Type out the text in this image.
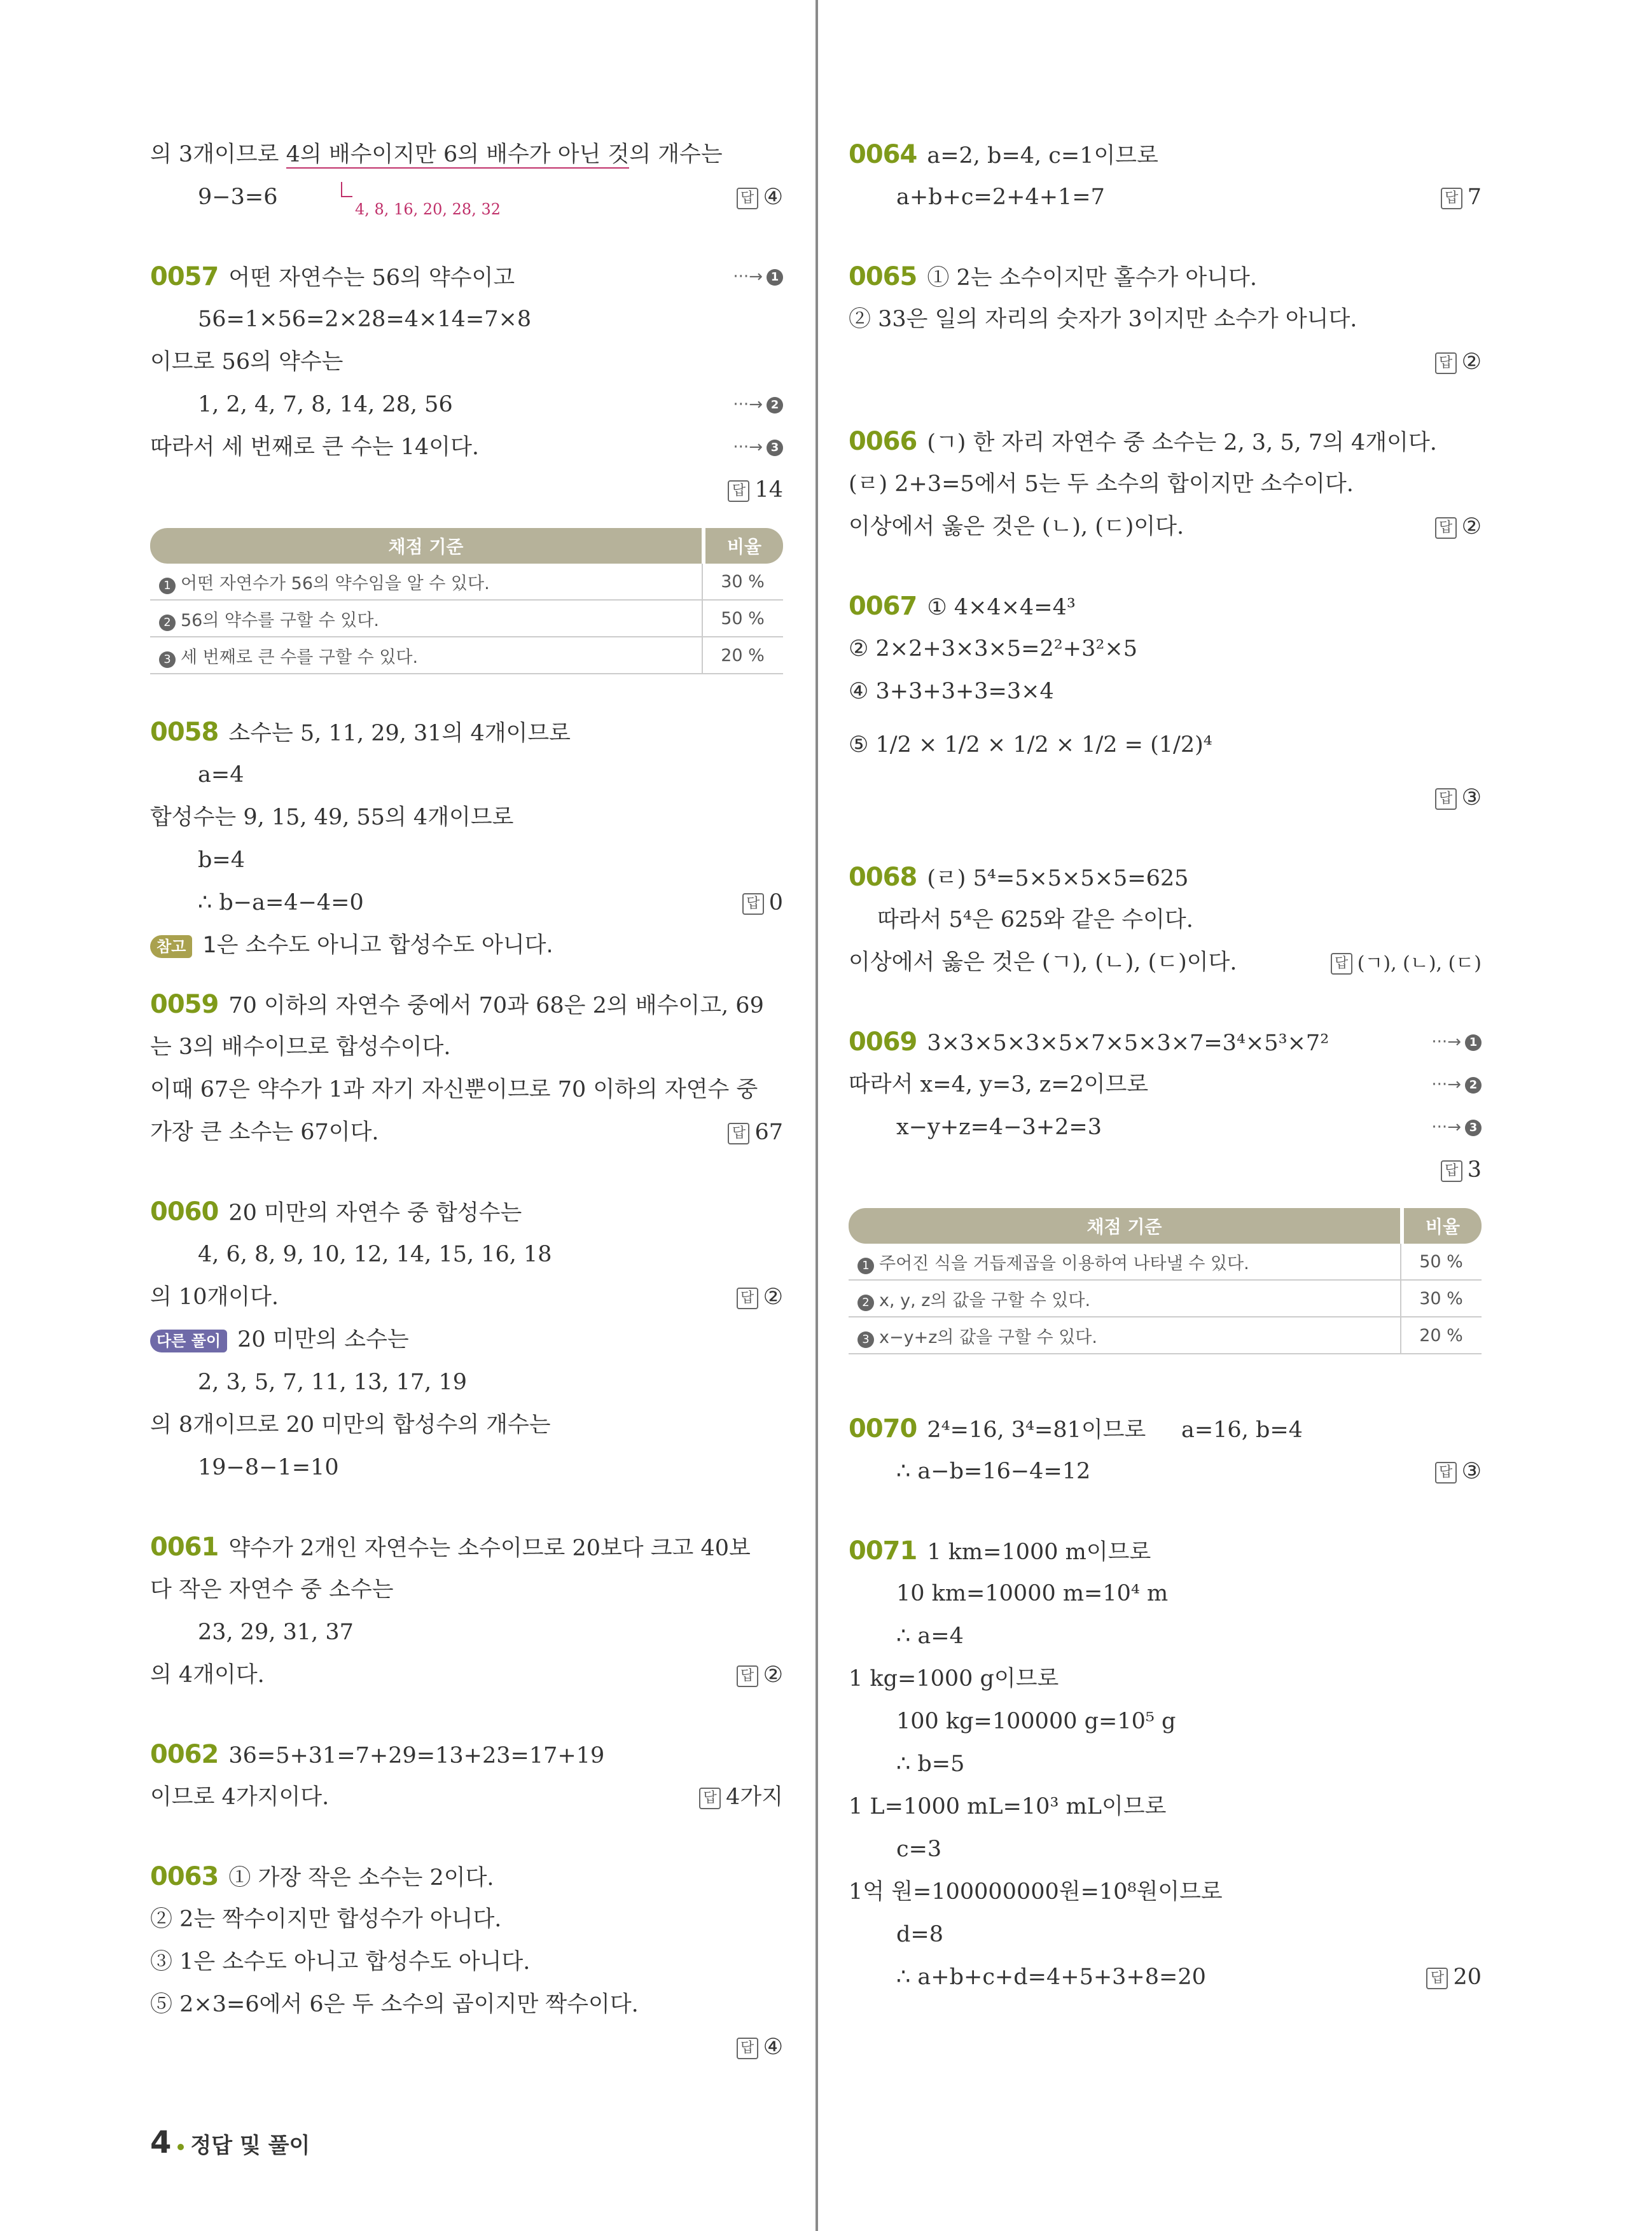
의 3개이므로 4의 배수이지만 6의 배수가 아닌 것의 개수는
4, 8, 16, 20, 28, 32
9−3=6	답 ④
0057 어떤 자연수는 56의 약수이고	···→ 1
56=1×56=2×28=4×14=7×8
이므로 56의 약수는
1, 2, 4, 7, 8, 14, 28, 56	···→ 2
따라서 세 번째로 큰 수는 14이다.	···→ 3
답 14
채점 기준	비율
1 어떤 자연수가 56의 약수임을 알 수 있다.	30 %
2 56의 약수를 구할 수 있다.	50 %
3 세 번째로 큰 수를 구할 수 있다.	20 %
0058 소수는 5, 11, 29, 31의 4개이므로
a=4
합성수는 9, 15, 49, 55의 4개이므로
b=4
∴ b−a=4−4=0	답 0
참고 1은 소수도 아니고 합성수도 아니다.
0059 70 이하의 자연수 중에서 70과 68은 2의 배수이고, 69
는 3의 배수이므로 합성수이다.
이때 67은 약수가 1과 자기 자신뿐이므로 70 이하의 자연수 중
가장 큰 소수는 67이다.	답 67
0060 20 미만의 자연수 중 합성수는
4, 6, 8, 9, 10, 12, 14, 15, 16, 18
의 10개이다.	답 ②
다른 풀이 20 미만의 소수는
2, 3, 5, 7, 11, 13, 17, 19
의 8개이므로 20 미만의 합성수의 개수는
19−8−1=10
0061 약수가 2개인 자연수는 소수이므로 20보다 크고 40보
다 작은 자연수 중 소수는
23, 29, 31, 37
의 4개이다.	답 ②
0062 36=5+31=7+29=13+23=17+19
이므로 4가지이다.	답 4가지
0063 ① 가장 작은 소수는 2이다.
② 2는 짝수이지만 합성수가 아니다.
③ 1은 소수도 아니고 합성수도 아니다.
⑤ 2×3=6에서 6은 두 소수의 곱이지만 짝수이다.
답 ④
0064 a=2, b=4, c=1이므로
a+b+c=2+4+1=7	답 7
0065 ① 2는 소수이지만 홀수가 아니다.
② 33은 일의 자리의 숫자가 3이지만 소수가 아니다.
답 ②
0066 (ㄱ) 한 자리 자연수 중 소수는 2, 3, 5, 7의 4개이다.
(ㄹ) 2+3=5에서 5는 두 소수의 합이지만 소수이다.
이상에서 옳은 것은 (ㄴ), (ㄷ)이다.	답 ②
0067 ① 4×4×4=4³
② 2×2+3×3×5=2²+3²×5
④ 3+3+3+3=3×4
⑤ 1/2 × 1/2 × 1/2 × 1/2 = (1/2)⁴
답 ③
0068 (ㄹ) 5⁴=5×5×5×5=625
따라서 5⁴은 625와 같은 수이다.
이상에서 옳은 것은 (ㄱ), (ㄴ), (ㄷ)이다.	답 (ㄱ), (ㄴ), (ㄷ)
0069 3×3×5×3×5×7×5×3×7=3⁴×5³×7²	···→ 1
따라서 x=4, y=3, z=2이므로	···→ 2
x−y+z=4−3+2=3	···→ 3
답 3
채점 기준	비율
1 주어진 식을 거듭제곱을 이용하여 나타낼 수 있다.	50 %
2 x, y, z의 값을 구할 수 있다.	30 %
3 x−y+z의 값을 구할 수 있다.	20 %
0070 2⁴=16, 3⁴=81이므로     a=16, b=4
∴ a−b=16−4=12	답 ③
0071 1 km=1000 m이므로
10 km=10000 m=10⁴ m
∴ a=4
1 kg=1000 g이므로
100 kg=100000 g=10⁵ g
∴ b=5
1 L=1000 mL=10³ mL이므로
c=3
1억 원=100000000원=10⁸원이므로
d=8
∴ a+b+c+d=4+5+3+8=20	답 20
4 정답 및 풀이
